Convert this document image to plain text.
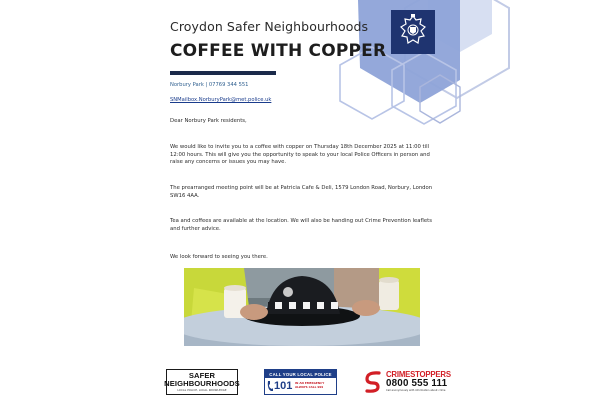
Croydon Safer Neighbourhoods
COFFEE WITH COPPER
Norbury Park | 07769 344 551
SNMailbox.NorburyPark@met.police.uk
Dear Norbury Park residents,
We would like to invite you to a coffee with copper on Thursday 18th December 2025 at 11:00 till 12:00 hours. This will give you the opportunity to speak to your local Police Officers in person and raise any concerns or issues you may have.
The prearranged meeting point will be at Patricia Cafe & Deli, 1579 London Road, Norbury, London SW16 4AA.
Tea and coffees are available at the location. We will also be handing out Crime Prevention leaflets and further advice.
We look forward to seeing you there.
SAFER
NEIGHBOURHOODS
LOCAL POLICE, LOCAL KNOWLEDGE
CALL YOUR LOCAL POLICE
101 IN AN EMERGENCY
ALWAYS CALL 999
CRIMESTOPPERS
0800 555 111
Call anonymously with information about crime
